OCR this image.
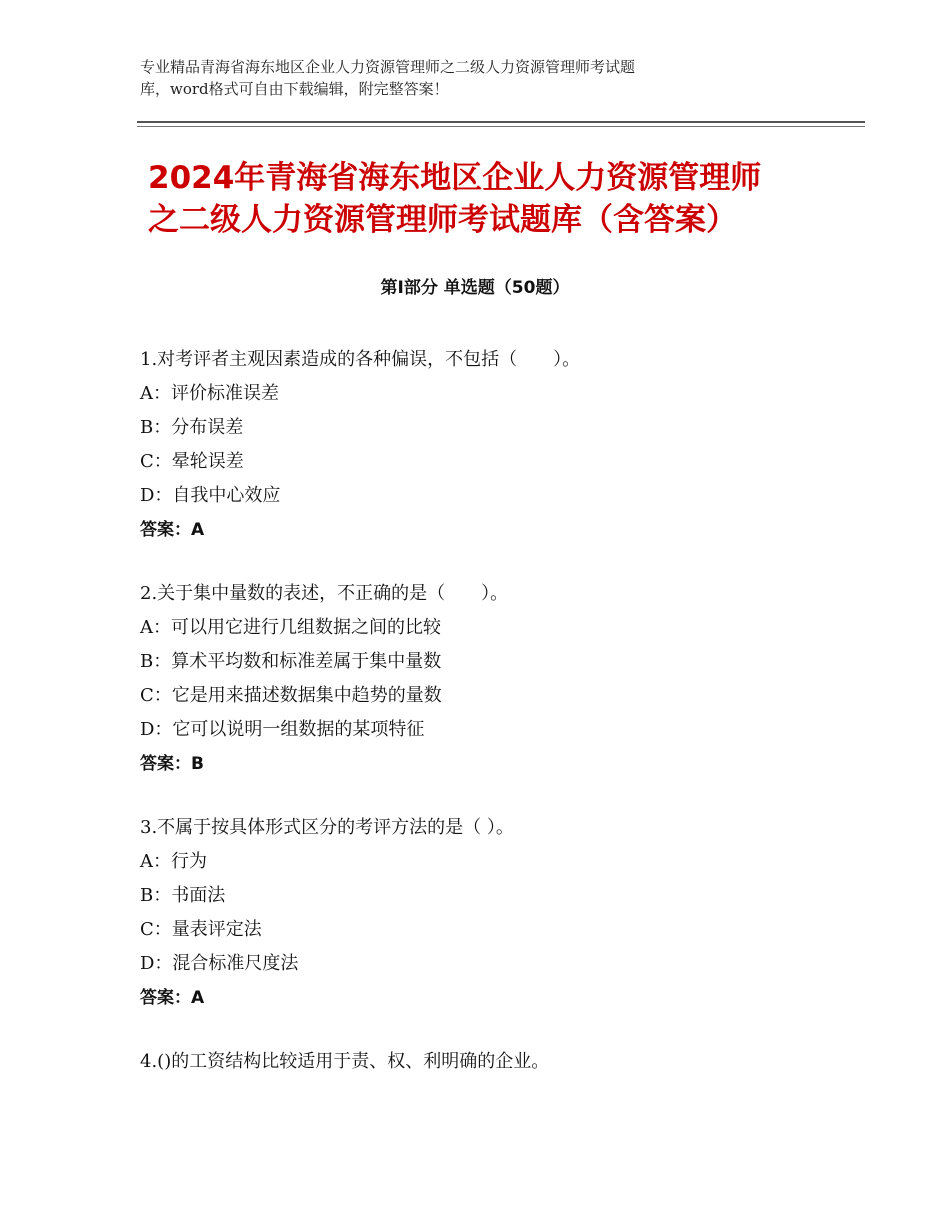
专业精品青海省海东地区企业人力资源管理师之二级人力资源管理师考试题
库，word格式可自由下载编辑，附完整答案！
2024年青海省海东地区企业人力资源管理师
之二级人力资源管理师考试题库（含答案）
第Ⅰ部分 单选题（50题）
1.对考评者主观因素造成的各种偏误，不包括（　　）。
A：评价标准误差
B：分布误差
C：晕轮误差
D：自我中心效应
答案：A
2.关于集中量数的表述，不正确的是（　　）。
A：可以用它进行几组数据之间的比较
B：算术平均数和标准差属于集中量数
C：它是用来描述数据集中趋势的量数
D：它可以说明一组数据的某项特征
答案：B
3.不属于按具体形式区分的考评方法的是（ ）。
A：行为
B：书面法
C：量表评定法
D：混合标准尺度法
答案：A
4.()的工资结构比较适用于责、权、利明确的企业。
